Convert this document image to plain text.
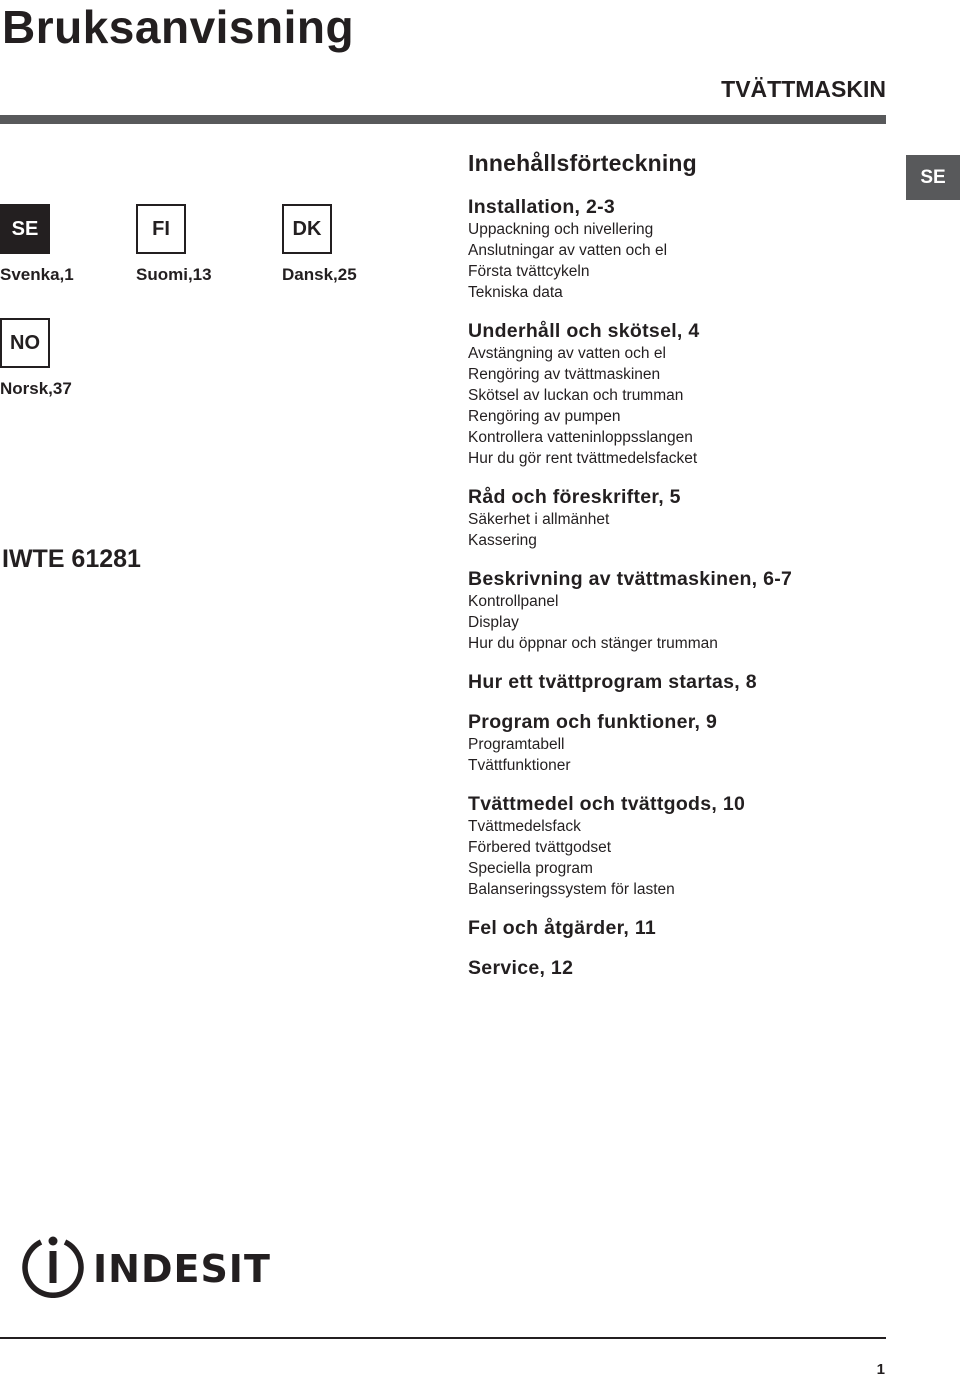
Bruksanvisning
TVÄTTMASKIN
SE
SE
Svenka,1
FI
Suomi,13
DK
Dansk,25
NO
Norsk,37
IWTE 61281
Innehållsförteckning
Installation, 2-3
Uppackning och nivellering
Anslutningar av vatten och el
Första tvättcykeln
Tekniska data
Underhåll och skötsel, 4
Avstängning av vatten och el
Rengöring av tvättmaskinen
Skötsel av luckan och trumman
Rengöring av pumpen
Kontrollera vatteninloppsslangen
Hur du gör rent tvättmedelsfacket
Råd och föreskrifter, 5
Säkerhet i allmänhet
Kassering
Beskrivning av tvättmaskinen, 6-7
Kontrollpanel
Display
Hur du öppnar och stänger trumman
Hur ett tvättprogram startas, 8
Program och funktioner, 9
Programtabell
Tvättfunktioner
Tvättmedel och tvättgods, 10
Tvättmedelsfack
Förbered tvättgodset
Speciella program
Balanseringssystem för lasten
Fel och åtgärder, 11
Service, 12
INDESIT
1
